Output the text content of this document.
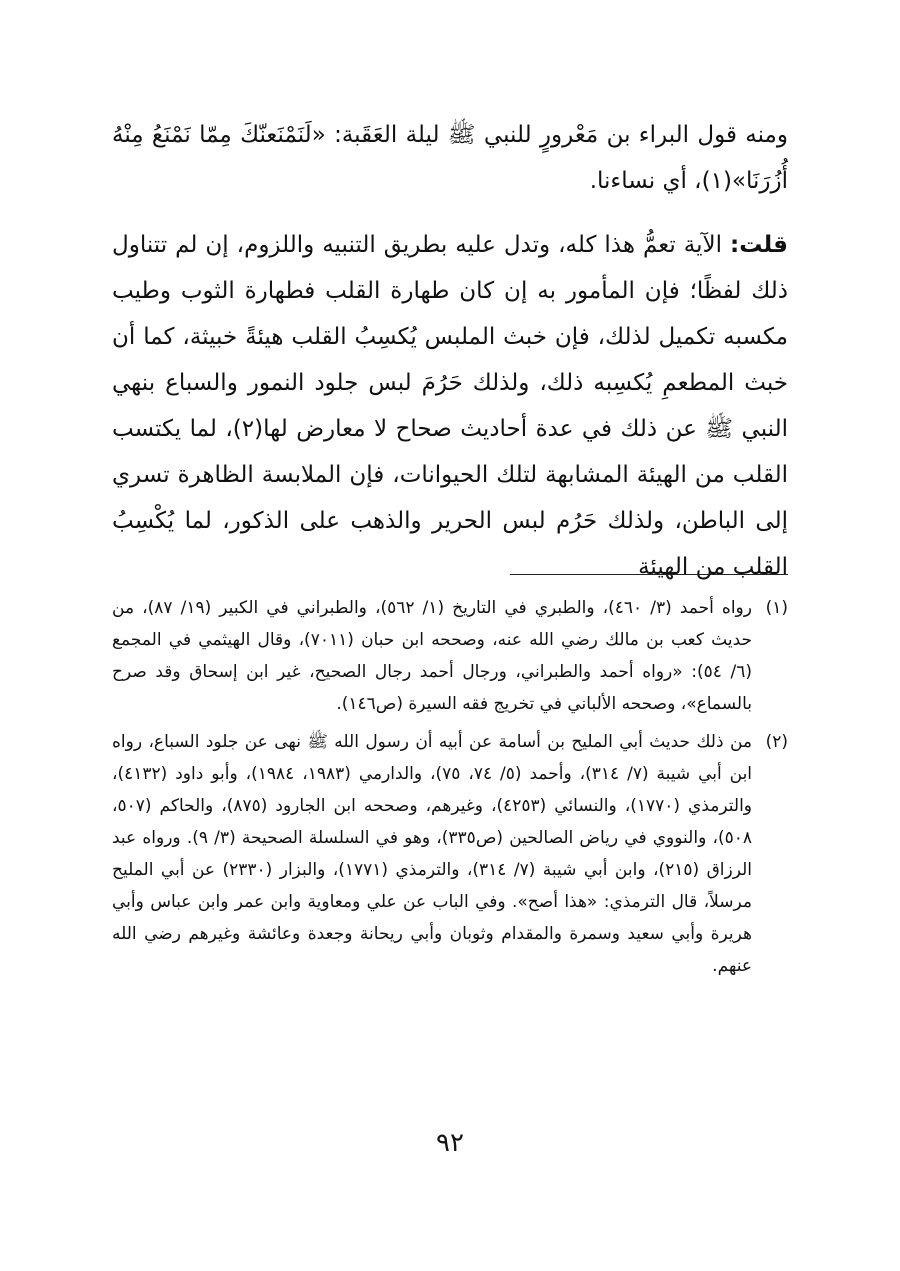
ومنه قول البراء بن مَعْرورٍ للنبي ﷺ ليلة العَقَبة: «لَنَمْنَعنّكَ مِمّا نَمْنَعُ مِنْهُ أُزُرَنَا»(١)، أي نساءنا.

قلت: الآية تعمُّ هذا كله، وتدل عليه بطريق التنبيه واللزوم، إن لم تتناول ذلك لفظًا؛ فإن المأمور به إن كان طهارة القلب فطهارة الثوب وطيب مكسبه تكميل لذلك، فإن خبث الملبس يُكسِبُ القلب هيئةً خبيثة، كما أن خبث المطعمِ يُكسِبه ذلك، ولذلك حَرُمَ لبس جلود النمور والسباع بنهي النبي ﷺ عن ذلك في عدة أحاديث صحاح لا معارض لها(٢)، لما يكتسب القلب من الهيئة المشابهة لتلك الحيوانات، فإن الملابسة الظاهرة تسري إلى الباطن، ولذلك حَرُم لبس الحرير والذهب على الذكور، لما يُكْسِبُ القلب من الهيئة

(١)
رواه أحمد (٣/ ٤٦٠)، والطبري في التاريخ (١/ ٥٦٢)، والطبراني في الكبير (١٩/ ٨٧)، من حديث كعب بن مالك رضي الله عنه، وصححه ابن حبان (٧٠١١)، وقال الهيثمي في المجمع (٦/ ٥٤): «رواه أحمد والطبراني، ورجال أحمد رجال الصحيح، غير ابن إسحاق وقد صرح بالسماع»، وصححه الألباني في تخريج فقه السيرة (ص١٤٦).
(٢)
من ذلك حديث أبي المليح بن أسامة عن أبيه أن رسول الله ﷺ نهى عن جلود السباع، رواه ابن أبي شيبة (٧/ ٣١٤)، وأحمد (٥/ ٧٤، ٧٥)، والدارمي (١٩٨٣، ١٩٨٤)، وأبو داود (٤١٣٢)، والترمذي (١٧٧٠)، والنسائي (٤٢٥٣)، وغيرهم، وصححه ابن الجارود (٨٧٥)، والحاكم (٥٠٧، ٥٠٨)، والنووي في رياض الصالحين (ص٣٣٥)، وهو في السلسلة الصحيحة (٣/ ٩). ورواه عبد الرزاق (٢١٥)، وابن أبي شيبة (٧/ ٣١٤)، والترمذي (١٧٧١)، والبزار (٢٣٣٠) عن أبي المليح مرسلاً، قال الترمذي: «هذا أصح». وفي الباب عن علي ومعاوية وابن عمر وابن عباس وأبي هريرة وأبي سعيد وسمرة والمقدام وثوبان وأبي ريحانة وجعدة وعائشة وغيرهم رضي الله عنهم.
٩٢
